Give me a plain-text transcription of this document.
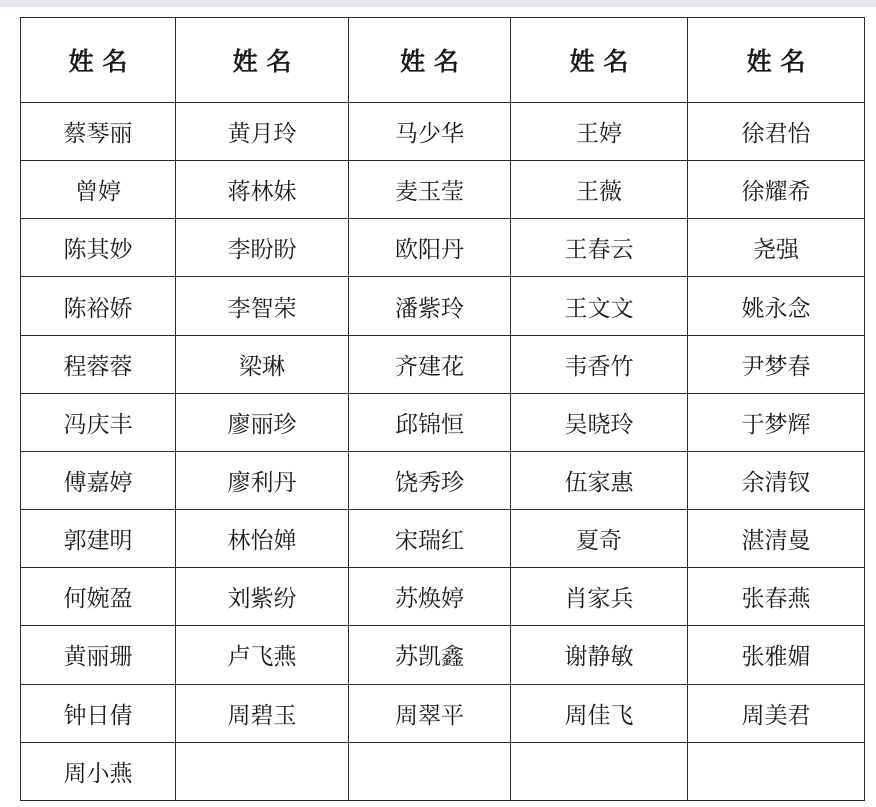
姓 名	姓 名	姓 名	姓 名	姓 名
蔡琴丽	黄月玲	马少华	王婷	徐君怡
曾婷	蒋林妹	麦玉莹	王薇	徐耀希
陈其妙	李盼盼	欧阳丹	王春云	尧强
陈裕娇	李智荣	潘紫玲	王文文	姚永念
程蓉蓉	梁琳	齐建花	韦香竹	尹梦春
冯庆丰	廖丽珍	邱锦恒	吴晓玲	于梦辉
傅嘉婷	廖利丹	饶秀珍	伍家惠	余清钗
郭建明	林怡婵	宋瑞红	夏奇	湛清曼
何婉盈	刘紫纷	苏焕婷	肖家兵	张春燕
黄丽珊	卢飞燕	苏凯鑫	谢静敏	张雅媚
钟日倩	周碧玉	周翠平	周佳飞	周美君
周小燕				
